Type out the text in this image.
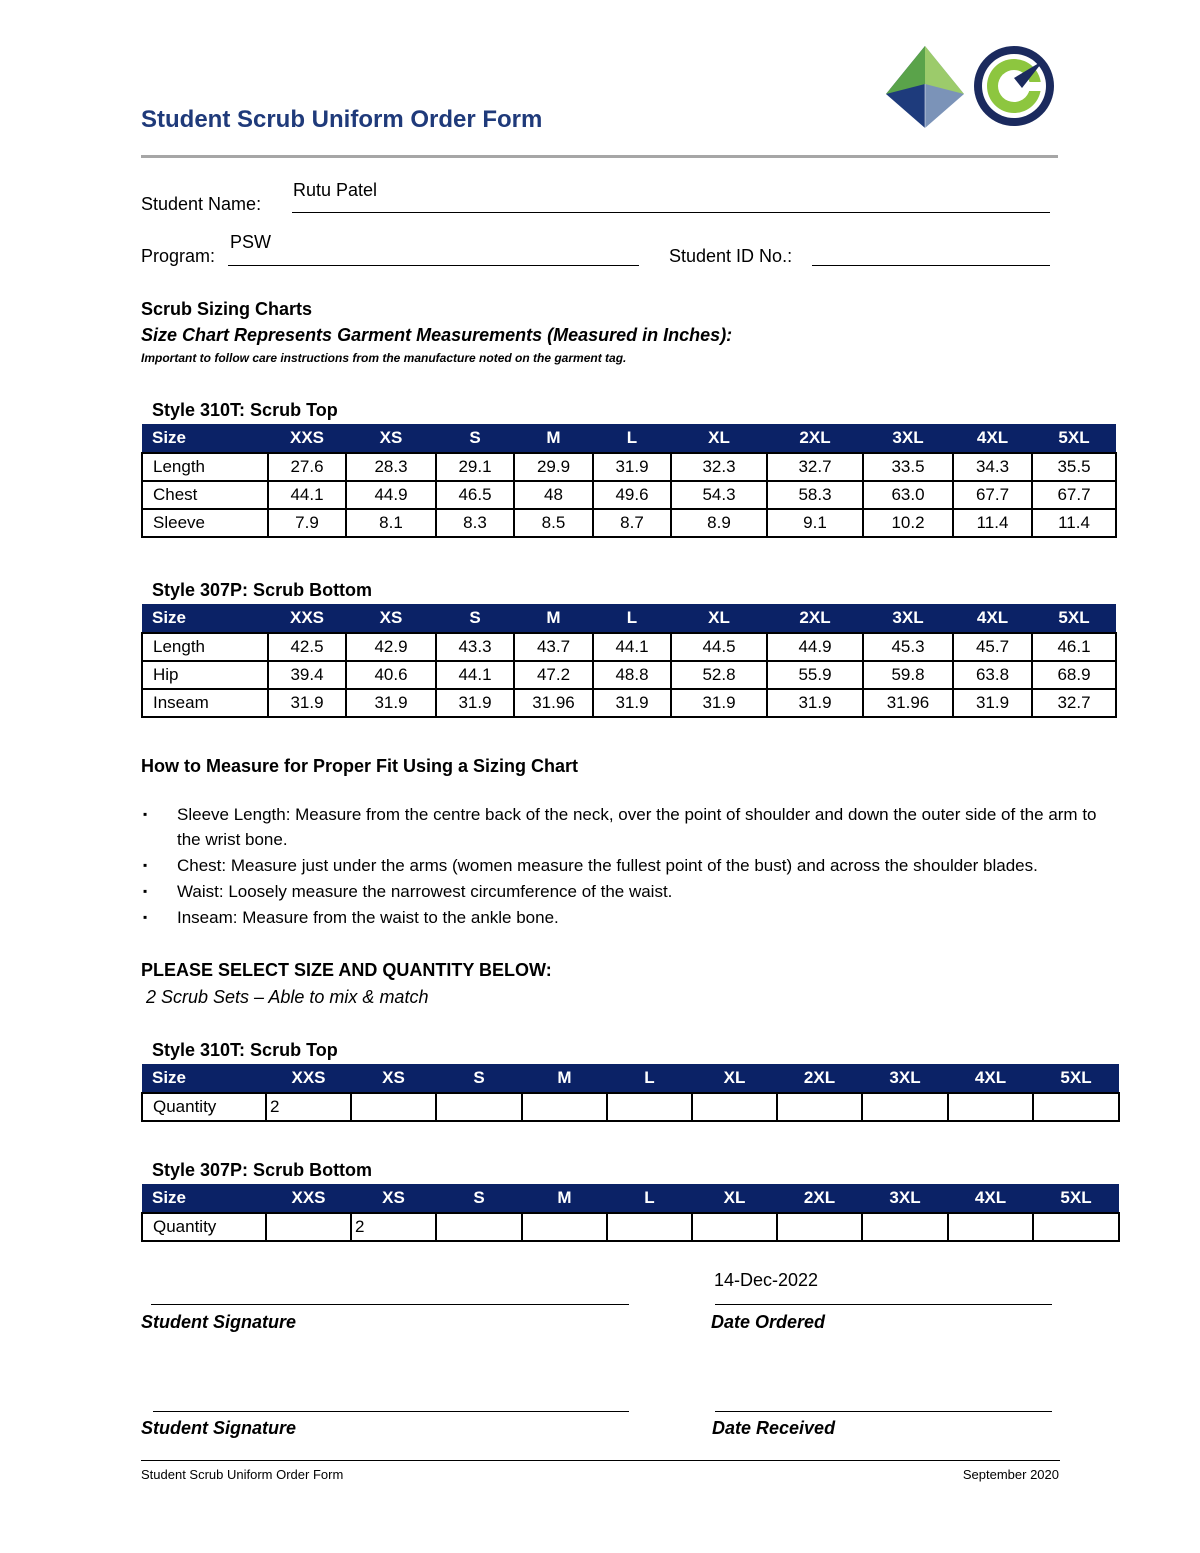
Student Scrub Uniform Order Form
Student Name:
Rutu Patel
Program:
PSW
Student ID No.:
Scrub Sizing Charts
Size Chart Represents Garment Measurements (Measured in Inches):
Important to follow care instructions from the manufacture noted on the garment tag.
Style 310T: Scrub Top
Size	XXS	XS	S	M	L	XL	2XL	3XL	4XL	5XL
Length	27.6	28.3	29.1	29.9	31.9	32.3	32.7	33.5	34.3	35.5
Chest	44.1	44.9	46.5	48	49.6	54.3	58.3	63.0	67.7	67.7
Sleeve	7.9	8.1	8.3	8.5	8.7	8.9	9.1	10.2	11.4	11.4
Style 307P: Scrub Bottom
Size	XXS	XS	S	M	L	XL	2XL	3XL	4XL	5XL
Length	42.5	42.9	43.3	43.7	44.1	44.5	44.9	45.3	45.7	46.1
Hip	39.4	40.6	44.1	47.2	48.8	52.8	55.9	59.8	63.8	68.9
Inseam	31.9	31.9	31.9	31.96	31.9	31.9	31.9	31.96	31.9	32.7
How to Measure for Proper Fit Using a Sizing Chart
▪ Sleeve Length: Measure from the centre back of the neck, over the point of shoulder and down the outer side of the arm to the wrist bone.
▪ Chest: Measure just under the arms (women measure the fullest point of the bust) and across the shoulder blades.
▪ Waist: Loosely measure the narrowest circumference of the waist.
▪ Inseam: Measure from the waist to the ankle bone.
PLEASE SELECT SIZE AND QUANTITY BELOW:
2 Scrub Sets – Able to mix & match
Style 310T: Scrub Top
Size	XXS	XS	S	M	L	XL	2XL	3XL	4XL	5XL
Quantity	2									
Style 307P: Scrub Bottom
Size	XXS	XS	S	M	L	XL	2XL	3XL	4XL	5XL
Quantity		2								
14-Dec-2022
Student Signature	Date Ordered
Student Signature	Date Received
Student Scrub Uniform Order Form	September 2020
